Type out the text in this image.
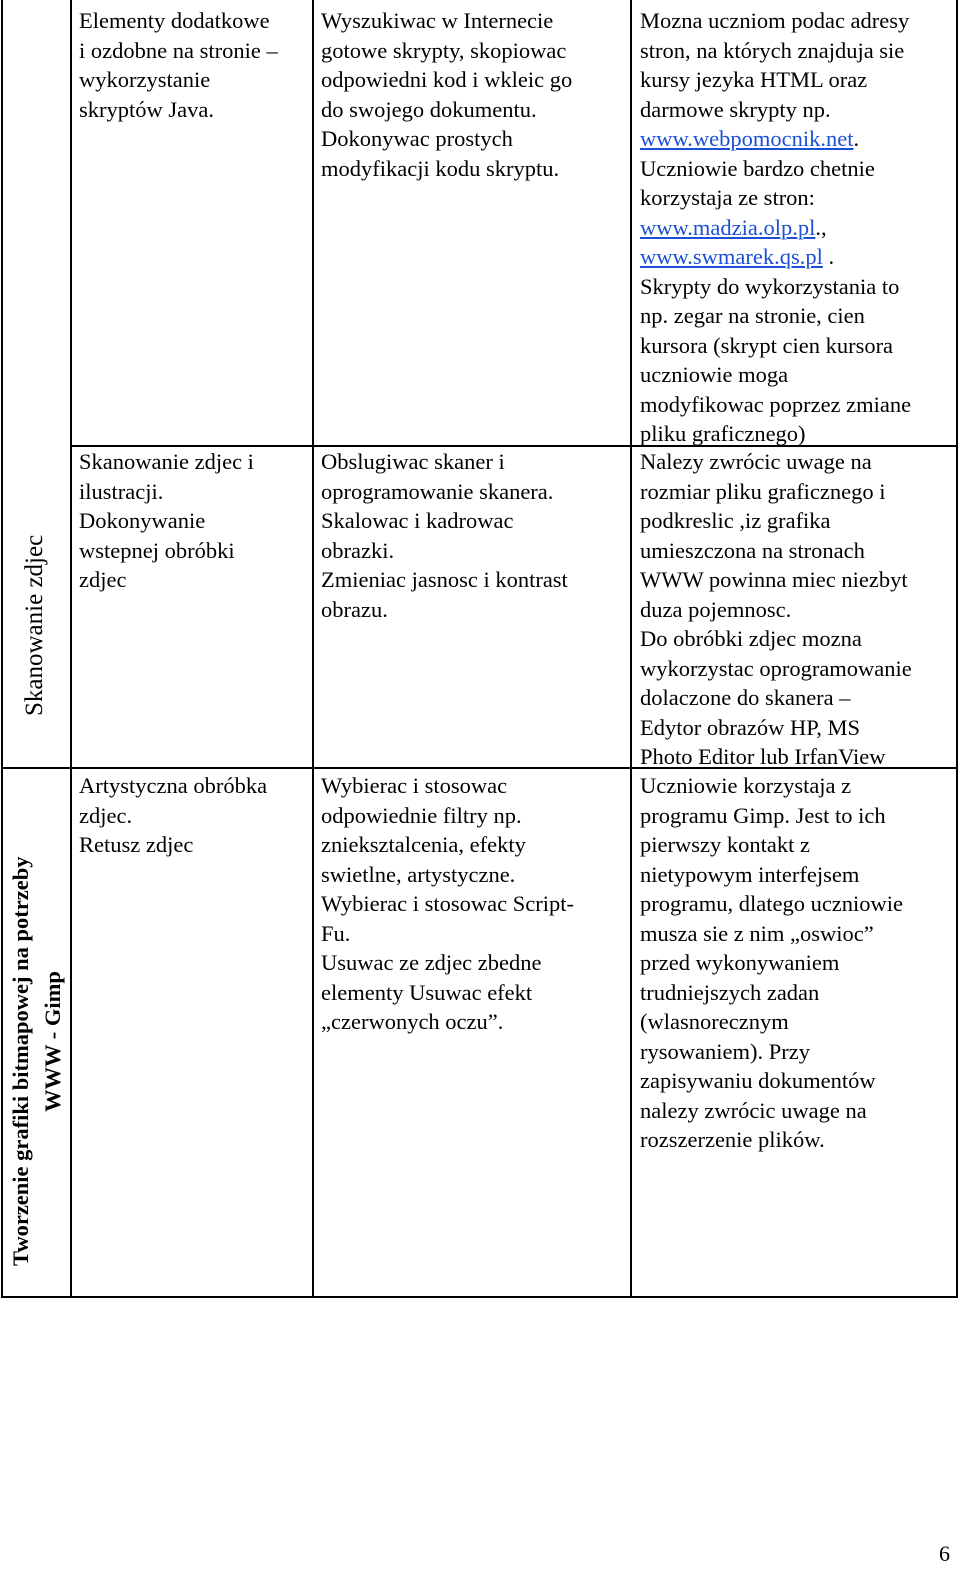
Skanowanie zdjec
Tworzenie grafiki bitmapowej na potrzeby WWW - Gimp
Elementy dodatkowe
i ozdobne na stronie –
wykorzystanie
skryptów Java.
Wyszukiwac w Internecie
gotowe skrypty, skopiowac
odpowiedni kod i wkleic go
do swojego dokumentu.
Dokonywac prostych
modyfikacji kodu skryptu.
Mozna uczniom podac adresy
stron, na których znajduja sie
kursy jezyka HTML oraz
darmowe skrypty np.
www.webpomocnik.net.
Uczniowie bardzo chetnie
korzystaja ze stron:
www.madzia.olp.pl.,
www.swmarek.qs.pl .
Skrypty do wykorzystania to
np. zegar na stronie, cien
kursora (skrypt cien kursora
uczniowie moga
modyfikowac poprzez zmiane
pliku graficznego)
Skanowanie zdjec i
ilustracji.
Dokonywanie
wstepnej obróbki
zdjec
Obslugiwac skaner i
oprogramowanie skanera.
Skalowac i kadrowac
obrazki.
Zmieniac jasnosc i kontrast
obrazu.
Nalezy zwrócic uwage na
rozmiar pliku graficznego i
podkreslic ,iz grafika
umieszczona na stronach
WWW powinna miec niezbyt
duza pojemnosc.
Do obróbki zdjec mozna
wykorzystac oprogramowanie
dolaczone do skanera –
Edytor obrazów HP, MS
Photo Editor lub IrfanView
Artystyczna obróbka
zdjec.
Retusz zdjec
Wybierac i stosowac
odpowiednie filtry np.
znieksztalcenia, efekty
swietlne, artystyczne.
Wybierac i stosowac Script-
Fu.
Usuwac ze zdjec zbedne
elementy Usuwac efekt
„czerwonych oczu”.
Uczniowie korzystaja z
programu Gimp. Jest to ich
pierwszy kontakt z
nietypowym interfejsem
programu, dlatego uczniowie
musza sie z nim „oswioc”
przed wykonywaniem
trudniejszych zadan
(wlasnorecznym
rysowaniem). Przy
zapisywaniu dokumentów
nalezy zwrócic uwage na
rozszerzenie plików.
6
